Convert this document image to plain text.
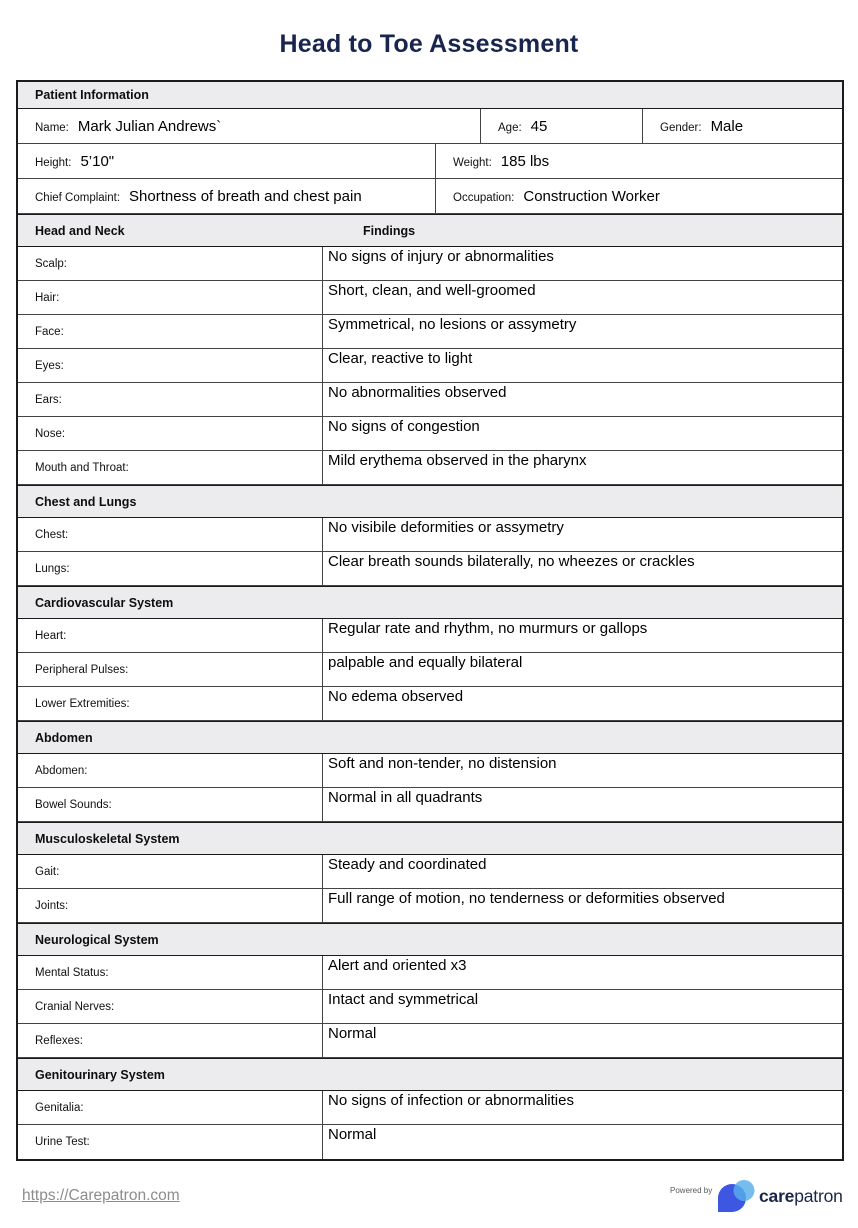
Head to Toe Assessment
Patient Information
Name: Mark Julian Andrews`	Age: 45	Gender: Male
Height: 5’10"	Weight: 185 lbs
Chief Complaint: Shortness of breath and chest pain	Occupation: Construction Worker
Head and Neck	Findings
Scalp:	No signs of injury or abnormalities
Hair:	Short, clean, and well-groomed
Face:	Symmetrical, no lesions or assymetry
Eyes:	Clear, reactive to light
Ears:	No abnormalities observed
Nose:	No signs of congestion
Mouth and Throat:	Mild erythema observed in the pharynx
Chest and Lungs
Chest:	No visibile deformities or assymetry
Lungs:	Clear breath sounds bilaterally, no wheezes or crackles
Cardiovascular System
Heart:	Regular rate and rhythm, no murmurs or gallops
Peripheral Pulses:	palpable and equally bilateral
Lower Extremities:	No edema observed
Abdomen
Abdomen:	Soft and non-tender, no distension
Bowel Sounds:	Normal in all quadrants
Musculoskeletal System
Gait:	Steady and coordinated
Joints:	Full range of motion, no tenderness or deformities observed
Neurological System
Mental Status:	Alert and oriented x3
Cranial Nerves:	Intact and symmetrical
Reflexes:	Normal
Genitourinary System
Genitalia:	No signs of infection or abnormalities
Urine Test:	Normal
https://Carepatron.com	Powered by	carepatron
